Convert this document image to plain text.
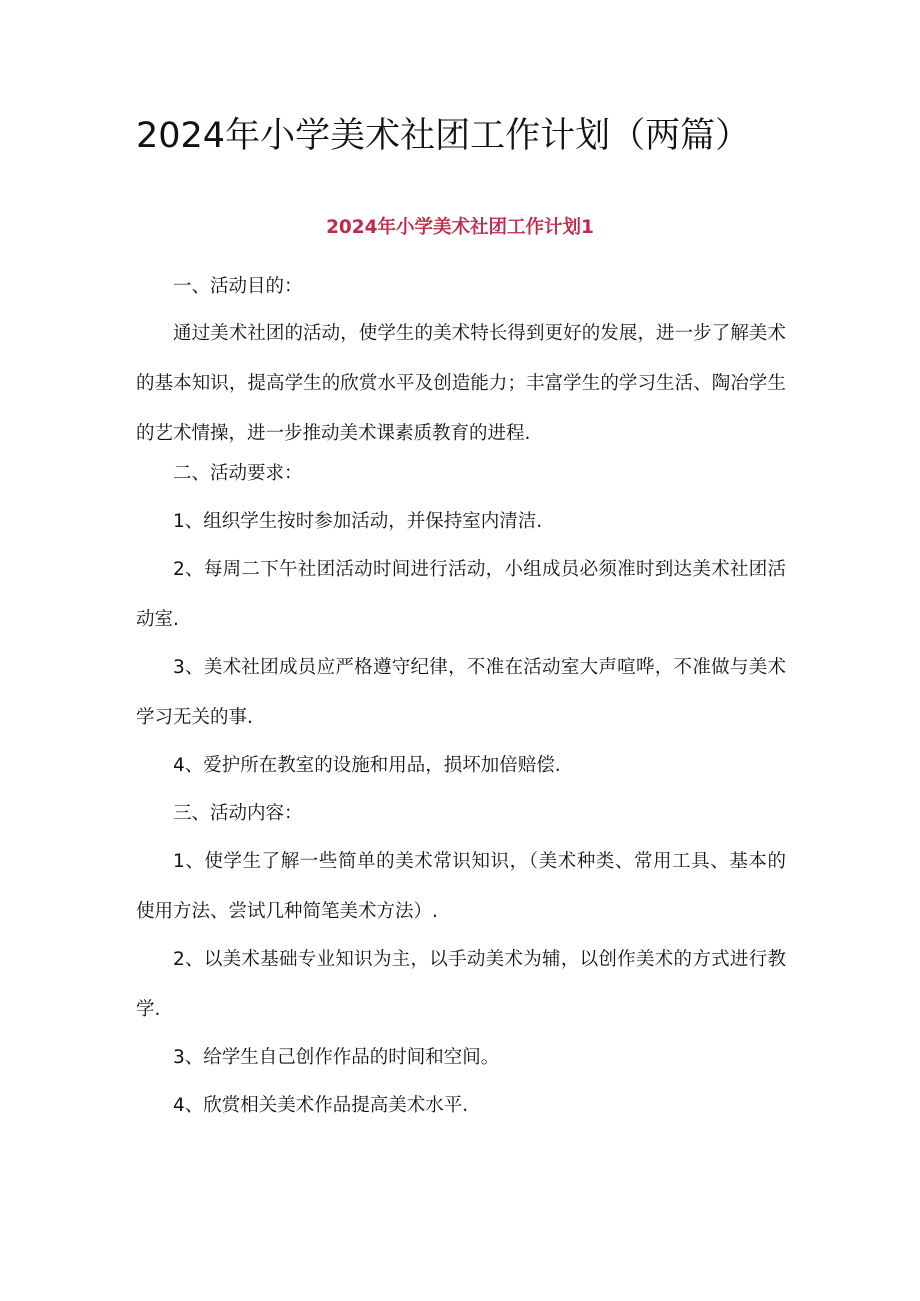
2024年小学美术社团工作计划（两篇）
2024年小学美术社团工作计划1

一、活动目的：

通过美术社团的活动，使学生的美术特长得到更好的发展，进一步了解美术的基本知识，提高学生的欣赏水平及创造能力；丰富学生的学习生活、陶冶学生的艺术情操，进一步推动美术课素质教育的进程.

二、活动要求：

1、组织学生按时参加活动，并保持室内清洁.

2、每周二下午社团活动时间进行活动，小组成员必须准时到达美术社团活动室.

3、美术社团成员应严格遵守纪律，不准在活动室大声喧哗，不准做与美术学习无关的事.

4、爱护所在教室的设施和用品，损坏加倍赔偿.

三、活动内容：

1、使学生了解一些简单的美术常识知识，（美术种类、常用工具、基本的使用方法、尝试几种简笔美术方法）.

2、以美术基础专业知识为主，以手动美术为辅，以创作美术的方式进行教学.

3、给学生自己创作作品的时间和空间。

4、欣赏相关美术作品提高美术水平.
